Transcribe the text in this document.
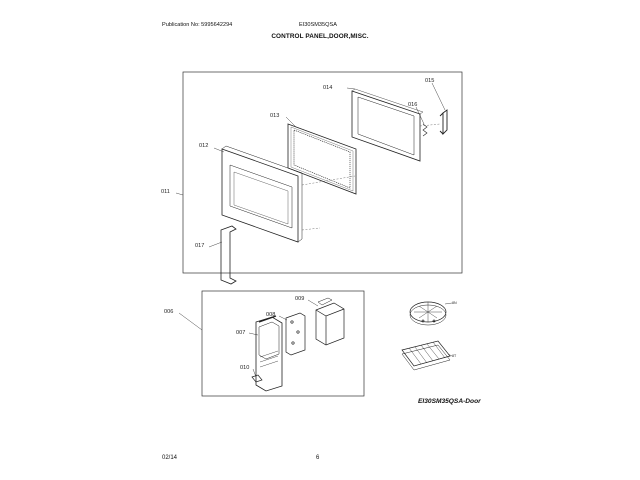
Publication No: 5995642294	EI30SM35QSA
CONTROL PANEL,DOOR,MISC.
014
015
016
013
012
011
017
006
007
008
009
010
8N
8T
EI30SM35QSA-Door
02/14	6
